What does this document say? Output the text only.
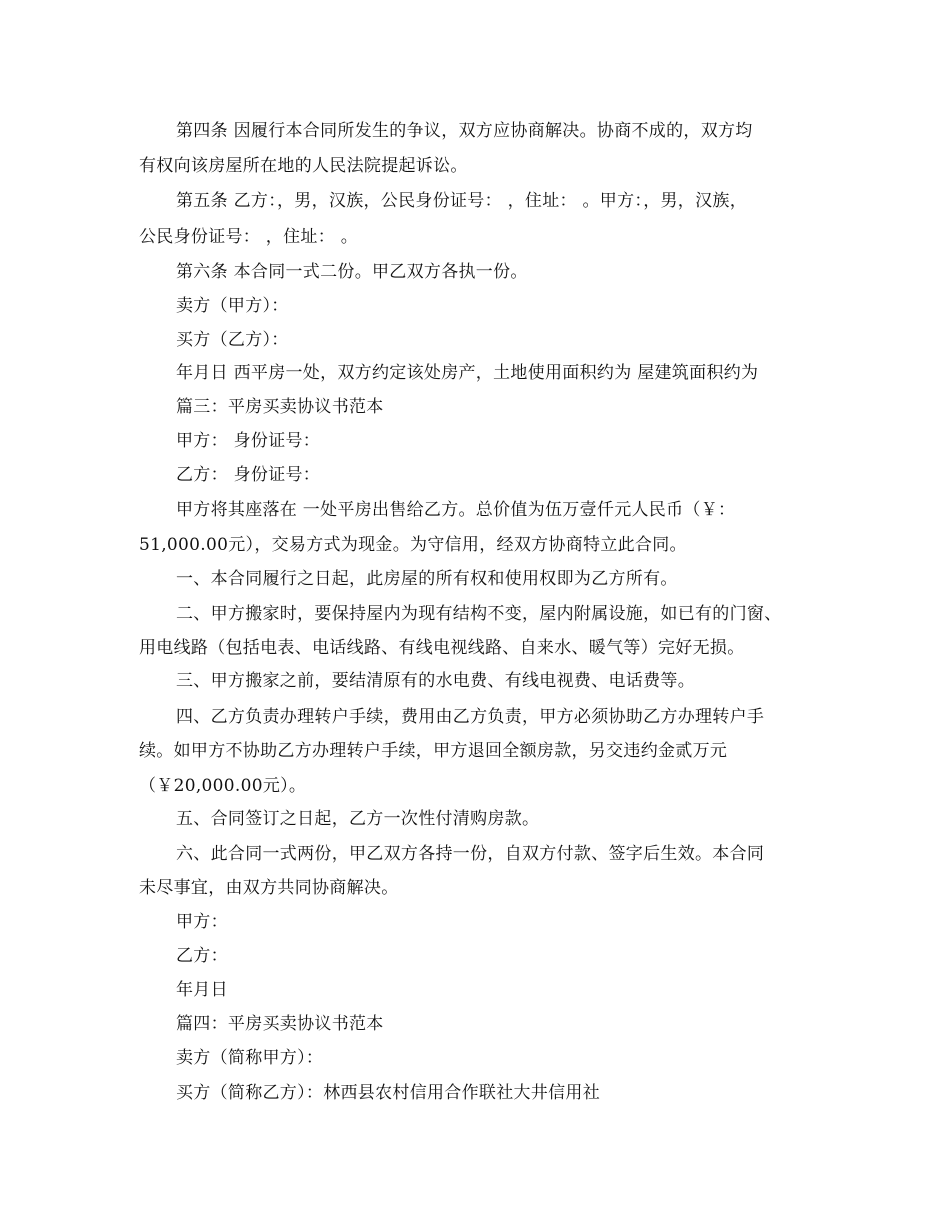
第四条 因履行本合同所发生的争议，双方应协商解决。协商不成的，双方均
有权向该房屋所在地的人民法院提起诉讼。
第五条 乙方：，男，汉族，公民身份证号： ，住址： 。甲方：，男，汉族，
公民身份证号： ，住址： 。
第六条 本合同一式二份。甲乙双方各执一份。
卖方（甲方）：
买方（乙方）：
年月日 西平房一处，双方约定该处房产，土地使用面积约为 屋建筑面积约为
篇三：平房买卖协议书范本
甲方： 身份证号：
乙方： 身份证号：
甲方将其座落在 一处平房出售给乙方。总价值为伍万壹仟元人民币（￥：
51,000.00元），交易方式为现金。为守信用，经双方协商特立此合同。
一、本合同履行之日起，此房屋的所有权和使用权即为乙方所有。
二、甲方搬家时，要保持屋内为现有结构不变，屋内附属设施，如已有的门窗、
用电线路（包括电表、电话线路、有线电视线路、自来水、暖气等）完好无损。
三、甲方搬家之前，要结清原有的水电费、有线电视费、电话费等。
四、乙方负责办理转户手续，费用由乙方负责，甲方必须协助乙方办理转户手
续。如甲方不协助乙方办理转户手续，甲方退回全额房款，另交违约金贰万元
（￥20,000.00元）。
五、合同签订之日起，乙方一次性付清购房款。
六、此合同一式两份，甲乙双方各持一份，自双方付款、签字后生效。本合同
未尽事宜，由双方共同协商解决。
甲方：
乙方：
年月日
篇四：平房买卖协议书范本
卖方（简称甲方）：
买方（简称乙方）：林西县农村信用合作联社大井信用社
